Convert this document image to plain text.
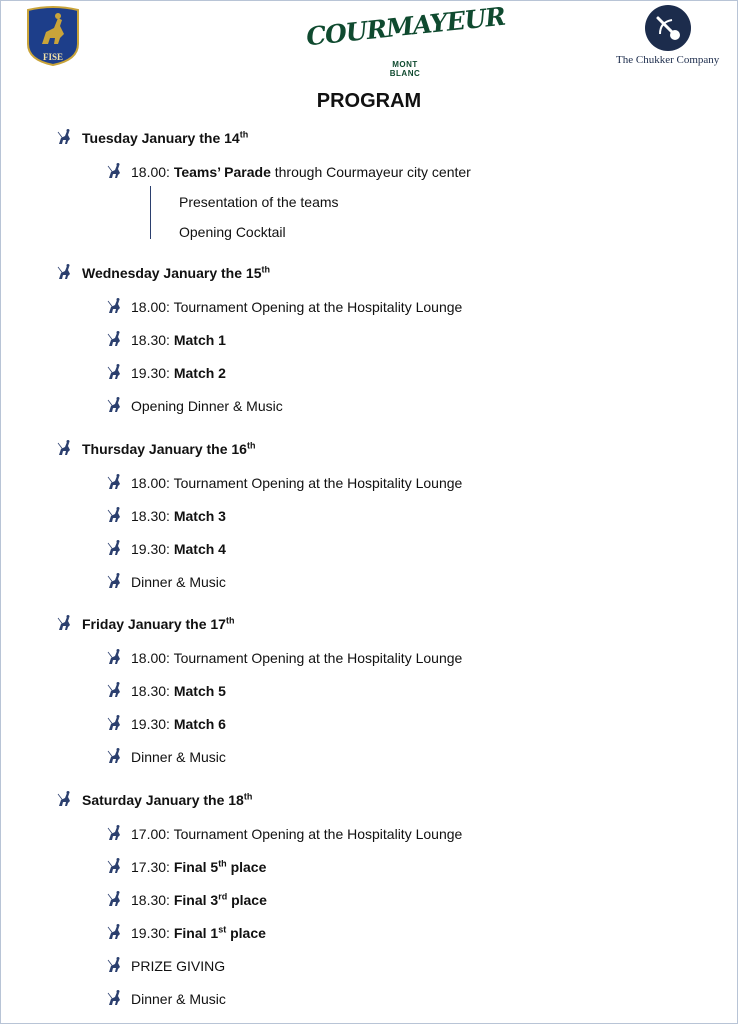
FISE
COURMAYEUR
MONT BLANC
The Chukker Company
PROGRAM
Tuesday January the 14th
18.00: Teams’ Parade through Courmayeur city center
Presentation of the teams
Opening Cocktail
Wednesday January the 15th
18.00: Tournament Opening at the Hospitality Lounge
18.30: Match 1
19.30: Match 2
Opening Dinner & Music
Thursday January the 16th
18.00: Tournament Opening at the Hospitality Lounge
18.30: Match 3
19.30: Match 4
Dinner & Music
Friday January the 17th
18.00: Tournament Opening at the Hospitality Lounge
18.30: Match 5
19.30: Match 6
Dinner & Music
Saturday January the 18th
17.00: Tournament Opening at the Hospitality Lounge
17.30: Final 5th place
18.30: Final 3rd place
19.30: Final 1st place
PRIZE GIVING
Dinner & Music
